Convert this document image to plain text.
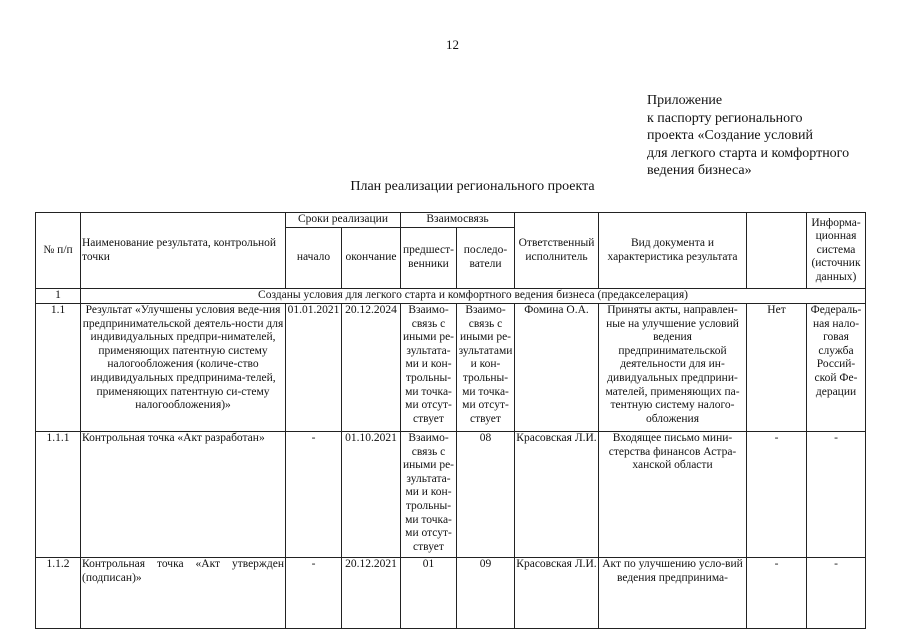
12
Приложение
к паспорту регионального
проекта «Создание условий
для легкого старта и комфортного
ведения бизнеса»
План реализации регионального проекта
№ п/п	Наименование результата, контрольной точки	Сроки реализации		Взаимосвязь		Ответственный исполнитель	Вид документа и характеристика результата		Информа-ционная система (источник данных)
		начало	окончание	предшест-венники	последо-ватели				
1	Созданы условия для легкого старта и комфортного ведения бизнеса (предакселерация)								
1.1	Результат «Улучшены условия веде-ния предпринимательской деятель-ности для индивидуальных предпри-нимателей, применяющих патентную систему налогообложения (количе-ство индивидуальных предпринима-телей, применяющих патентную си-стему налогообложения)»	01.01.2021	20.12.2024	Взаимо-связь с иными ре-зультата-ми и кон-трольны-ми точка-ми отсут-ствует	Взаимо-связь с иными ре-зультатами и кон-трольны-ми точка-ми отсут-ствует	Фомина О.А.	Приняты акты, направлен-ные на улучшение условий ведения предпринимательской деятельности для ин-дивидуальных предприни-мателей, применяющих па-тентную систему налого-обложения	Нет	Федераль-ная нало-говая служба Россий-ской Фе-дерации
1.1.1	Контрольная точка «Акт разработан»	-	01.10.2021	Взаимо-связь с иными ре-зультата-ми и кон-трольны-ми точка-ми отсут-ствует	08	Красовская Л.И.	Входящее письмо мини-стерства финансов Астра-ханской области	-	-
1.1.2	Контрольная точка «Акт утвержден (подписан)»	-	20.12.2021	01	09	Красовская Л.И.	Акт по улучшению усло-вий ведения предпринима-	-	-
